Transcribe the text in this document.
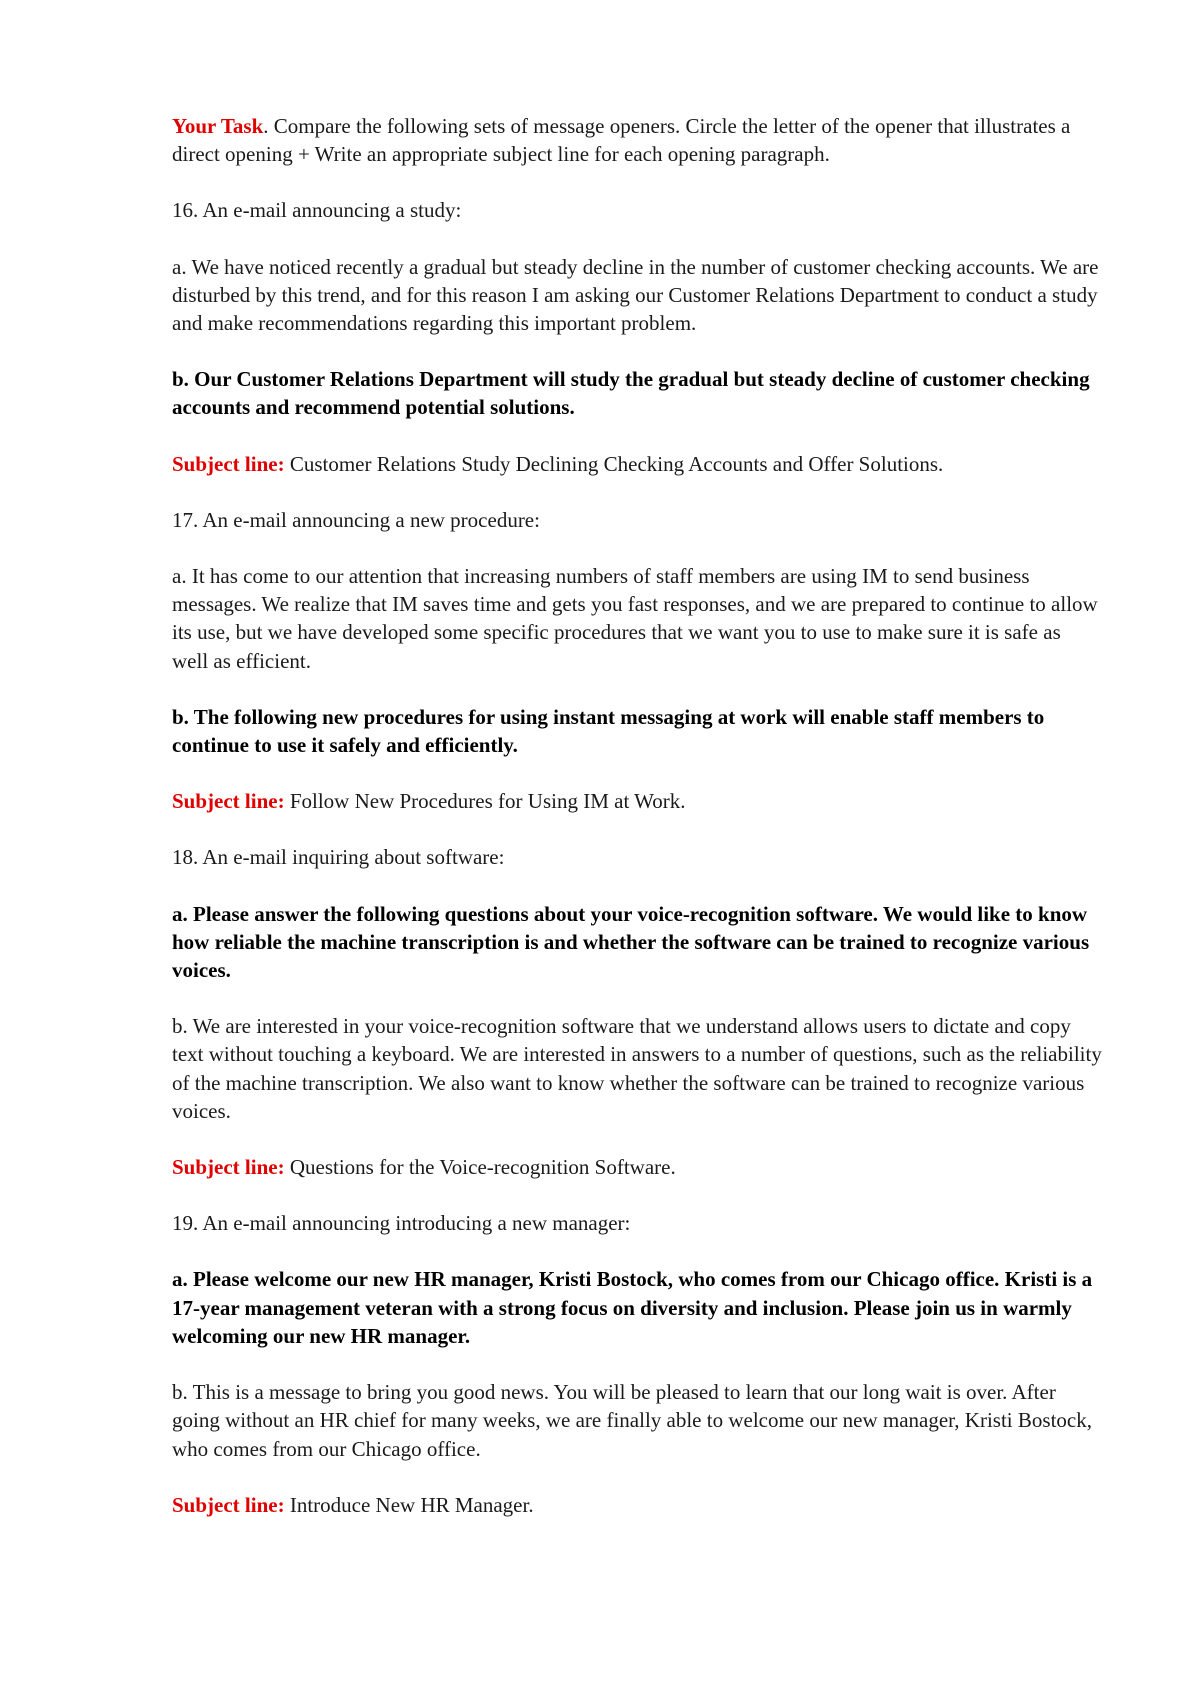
Your Task. Compare the following sets of message openers. Circle the letter of the opener that illustrates a direct opening + Write an appropriate subject line for each opening paragraph.

16. An e-mail announcing a study:

a. We have noticed recently a gradual but steady decline in the number of customer checking accounts. We are disturbed by this trend, and for this reason I am asking our Customer Relations Department to conduct a study and make recommendations regarding this important problem.

b. Our Customer Relations Department will study the gradual but steady decline of customer checking accounts and recommend potential solutions.

Subject line: Customer Relations Study Declining Checking Accounts and Offer Solutions.

17. An e-mail announcing a new procedure:

a. It has come to our attention that increasing numbers of staff members are using IM to send business messages. We realize that IM saves time and gets you fast responses, and we are prepared to continue to allow its use, but we have developed some specific procedures that we want you to use to make sure it is safe as well as efficient.

b. The following new procedures for using instant messaging at work will enable staff members to continue to use it safely and efficiently.

Subject line: Follow New Procedures for Using IM at Work.

18. An e-mail inquiring about software:

a. Please answer the following questions about your voice-recognition software. We would like to know how reliable the machine transcription is and whether the software can be trained to recognize various voices.

b. We are interested in your voice-recognition software that we understand allows users to dictate and copy text without touching a keyboard. We are interested in answers to a number of questions, such as the reliability of the machine transcription. We also want to know whether the software can be trained to recognize various voices.

Subject line: Questions for the Voice-recognition Software.

19. An e-mail announcing introducing a new manager:

a. Please welcome our new HR manager, Kristi Bostock, who comes from our Chicago office. Kristi is a 17-year management veteran with a strong focus on diversity and inclusion. Please join us in warmly welcoming our new HR manager.

b. This is a message to bring you good news. You will be pleased to learn that our long wait is over. After going without an HR chief for many weeks, we are finally able to welcome our new manager, Kristi Bostock, who comes from our Chicago office.

Subject line: Introduce New HR Manager.
